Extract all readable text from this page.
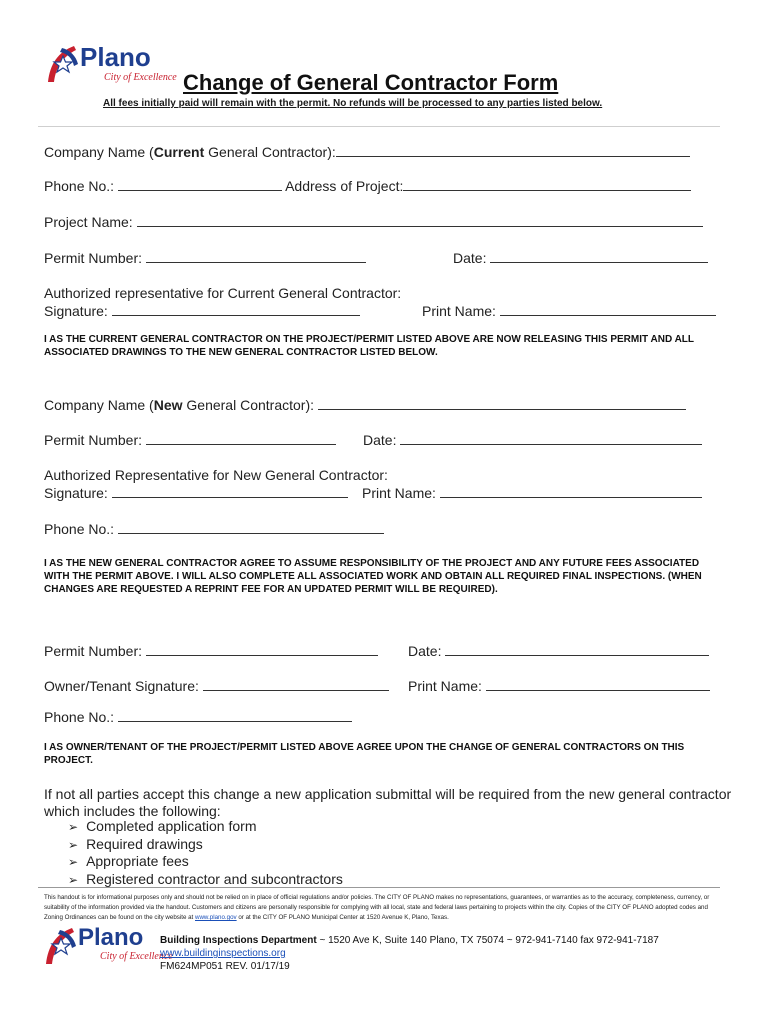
Plano
City of Excellence Change of General Contractor Form
All fees initially paid will remain with the permit. No refunds will be processed to any parties listed below.
Company Name (Current General Contractor):
Phone No.:	Address of Project:
Project Name:
Permit Number:	Date:
Authorized representative for Current General Contractor:
Signature:	Print Name:
I AS THE CURRENT GENERAL CONTRACTOR ON THE PROJECT/PERMIT LISTED ABOVE ARE NOW RELEASING THIS PERMIT AND ALL ASSOCIATED DRAWINGS TO THE NEW GENERAL CONTRACTOR LISTED BELOW.
Company Name (New General Contractor):
Permit Number:	Date:
Authorized Representative for New General Contractor:
Signature:	Print Name:
Phone No.:
I AS THE NEW GENERAL CONTRACTOR AGREE TO ASSUME RESPONSIBILITY OF THE PROJECT AND ANY FUTURE FEES ASSOCIATED WITH THE PERMIT ABOVE. I WILL ALSO COMPLETE ALL ASSOCIATED WORK AND OBTAIN ALL REQUIRED FINAL INSPECTIONS. (WHEN CHANGES ARE REQUESTED A REPRINT FEE FOR AN UPDATED PERMIT WILL BE REQUIRED).
Permit Number:	Date:
Owner/Tenant Signature:	Print Name:
Phone No.:
I AS OWNER/TENANT OF THE PROJECT/PERMIT LISTED ABOVE AGREE UPON THE CHANGE OF GENERAL CONTRACTORS ON THIS PROJECT.
If not all parties accept this change a new application submittal will be required from the new general contractor which includes the following:
➢ Completed application form
➢ Required drawings
➢ Appropriate fees
➢ Registered contractor and subcontractors
This handout is for informational purposes only and should not be relied on in place of official regulations and/or policies. The CITY OF PLANO makes no representations, guarantees, or warranties as to the accuracy, completeness, currency, or suitability of the information provided via the handout. Customers and citizens are personally responsible for complying with all local, state and federal laws pertaining to projects within the city. Copies of the CITY OF PLANO adopted codes and Zoning Ordinances can be found on the city website at www.plano.gov or at the CITY OF PLANO Municipal Center at 1520 Avenue K, Plano, Texas.
Plano
City of Excellence
Building Inspections Department ~ 1520 Ave K, Suite 140 Plano, TX 75074 ~ 972-941-7140 fax 972-941-7187
www.buildinginspections.org
FM624MP051 REV. 01/17/19
